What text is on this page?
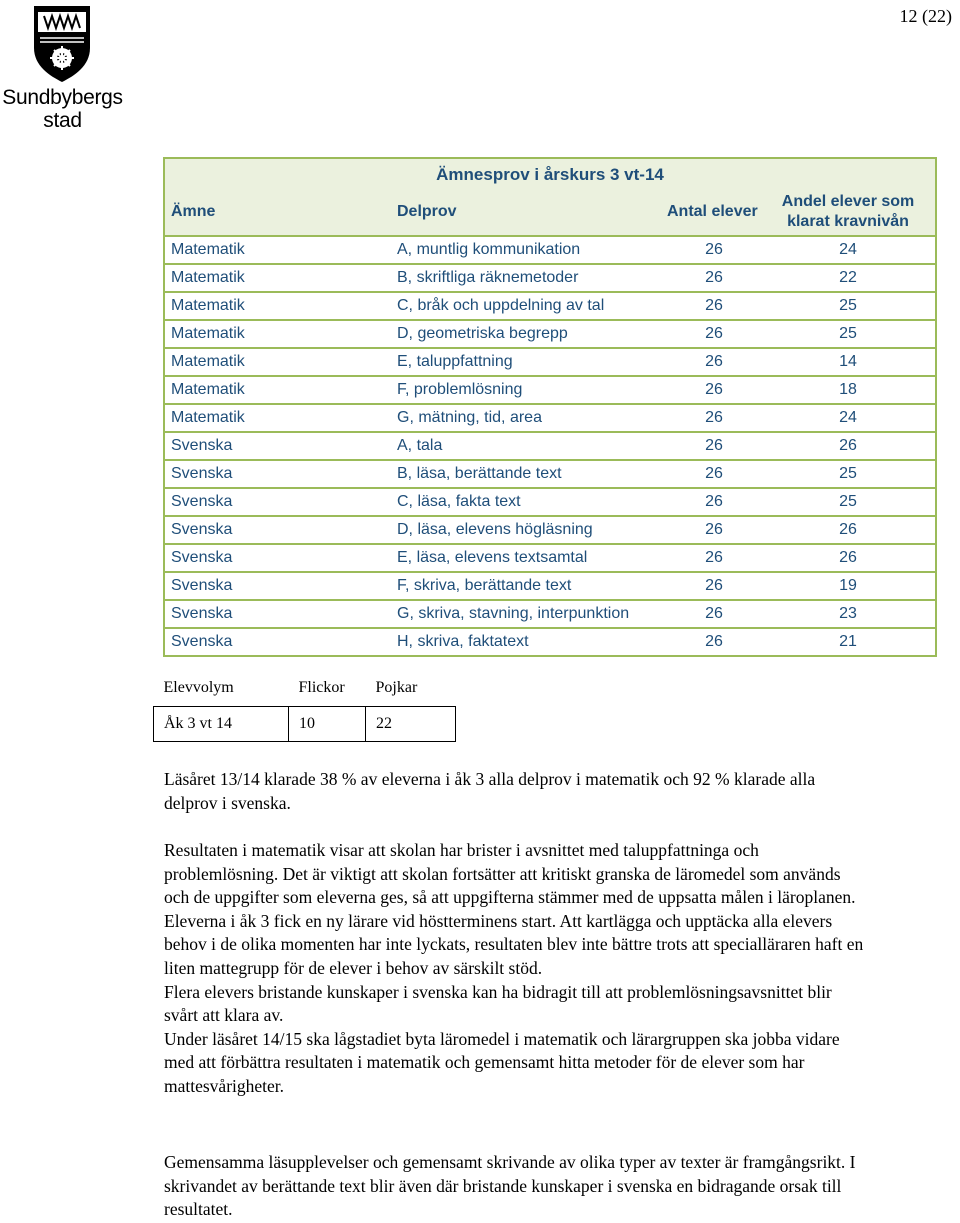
Sundbybergs
stad
12 (22)
Ämnesprov i årskurs 3 vt-14			
Ämne	Delprov	Antal elever	Andel elever som klarat kravnivån
Matematik	A, muntlig kommunikation	26	24
Matematik	B, skriftliga räknemetoder	26	22
Matematik	C, bråk och uppdelning av tal	26	25
Matematik	D, geometriska begrepp	26	25
Matematik	E, taluppfattning	26	14
Matematik	F, problemlösning	26	18
Matematik	G, mätning, tid, area	26	24
Svenska	A, tala	26	26
Svenska	B, läsa, berättande text	26	25
Svenska	C, läsa, fakta text	26	25
Svenska	D, läsa, elevens högläsning	26	26
Svenska	E, läsa, elevens textsamtal	26	26
Svenska	F, skriva, berättande text	26	19
Svenska	G, skriva, stavning, interpunktion	26	23
Svenska	H, skriva, faktatext	26	21
Elevvolym	Flickor	Pojkar
Åk 3 vt 14	10	22

Läsåret 13/14 klarade 38 % av eleverna i åk 3 alla delprov i matematik och 92 % klarade alla delprov i svenska.

Resultaten i matematik visar att skolan har brister i avsnittet med taluppfattninga och problemlösning. Det är viktigt att skolan fortsätter att kritiskt granska de läromedel som används och de uppgifter som eleverna ges, så att uppgifterna stämmer med de uppsatta målen i läroplanen.

Eleverna i åk 3 fick en ny lärare vid höstterminens start. Att kartlägga och upptäcka alla elevers behov i de olika momenten har inte lyckats, resultaten blev inte bättre trots att specialläraren haft en liten mattegrupp för de elever i behov av särskilt stöd.

Flera elevers bristande kunskaper i svenska kan ha bidragit till att problemlösningsavsnittet blir svårt att klara av.

Under läsåret 14/15 ska lågstadiet byta läromedel i matematik och lärargruppen ska jobba vidare med att förbättra resultaten i matematik och gemensamt hitta metoder för de elever som har mattesvårigheter.

Gemensamma läsupplevelser och gemensamt skrivande av olika typer av texter är framgångsrikt. I skrivandet av berättande text blir även där bristande kunskaper i svenska en bidragande orsak till resultatet.
